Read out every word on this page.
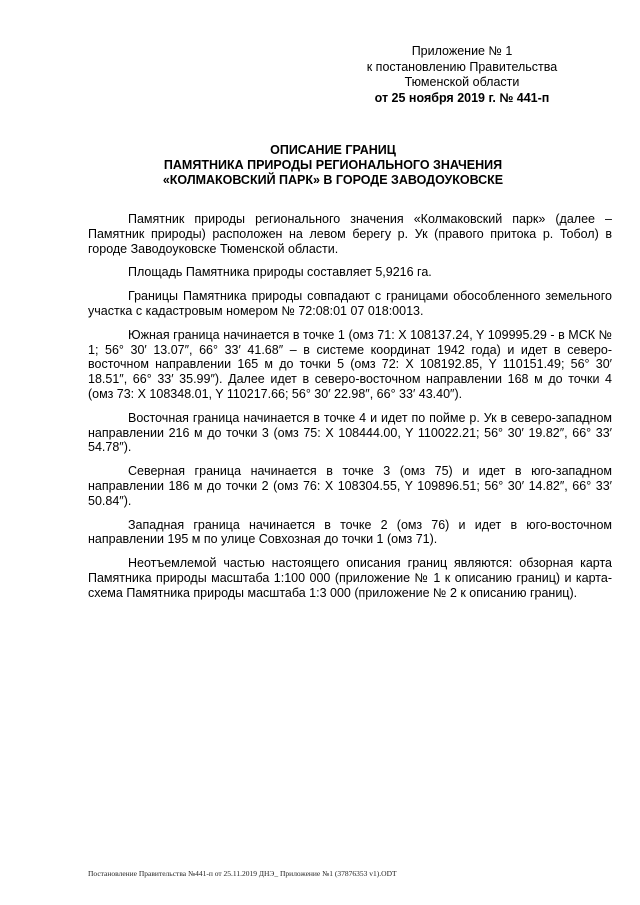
Приложение № 1
к постановлению Правительства
Тюменской области
от 25 ноября 2019 г. № 441-п
ОПИСАНИЕ ГРАНИЦ
ПАМЯТНИКА ПРИРОДЫ РЕГИОНАЛЬНОГО ЗНАЧЕНИЯ
«КОЛМАКОВСКИЙ ПАРК» В ГОРОДЕ ЗАВОДОУКОВСКЕ

Памятник природы регионального значения «Колмаковский парк» (далее – Памятник природы) расположен на левом берегу р. Ук (правого притока р. Тобол) в городе Заводоуковске Тюменской области.

Площадь Памятника природы составляет 5,9216 га.

Границы Памятника природы совпадают с границами обособленного земельного участка с кадастровым номером № 72:08:01 07 018:0013.

Южная граница начинается в точке 1 (омз 71: X 108137.24, Y 109995.29 - в МСК № 1; 56° 30′ 13.07″, 66° 33′ 41.68″ – в системе координат 1942 года) и идет в северо-восточном направлении 165 м до точки 5 (омз 72: X 108192.85, Y 110151.49; 56° 30′ 18.51″, 66° 33′ 35.99″). Далее идет в северо-восточном направлении 168 м до точки 4 (омз 73: X 108348.01, Y 110217.66; 56° 30′ 22.98″, 66° 33′ 43.40″).

Восточная граница начинается в точке 4 и идет по пойме р. Ук в северо-западном направлении 216 м до точки 3 (омз 75: X 108444.00, Y 110022.21; 56° 30′ 19.82″, 66° 33′ 54.78″).

Северная граница начинается в точке 3 (омз 75) и идет в юго-западном направлении 186 м до точки 2 (омз 76: X 108304.55, Y 109896.51; 56° 30′ 14.82″, 66° 33′ 50.84″).

Западная граница начинается в точке 2 (омз 76) и идет в юго-восточном направлении 195 м по улице Совхозная до точки 1 (омз 71).

Неотъемлемой частью настоящего описания границ являются: обзорная карта Памятника природы масштаба 1:100 000 (приложение № 1 к описанию границ) и карта-схема Памятника природы масштаба 1:3 000 (приложение № 2 к описанию границ).

Постановление Правительства №441-п от 25.11.2019 ДНЭ_ Приложение №1 (37876353 v1).ODT
